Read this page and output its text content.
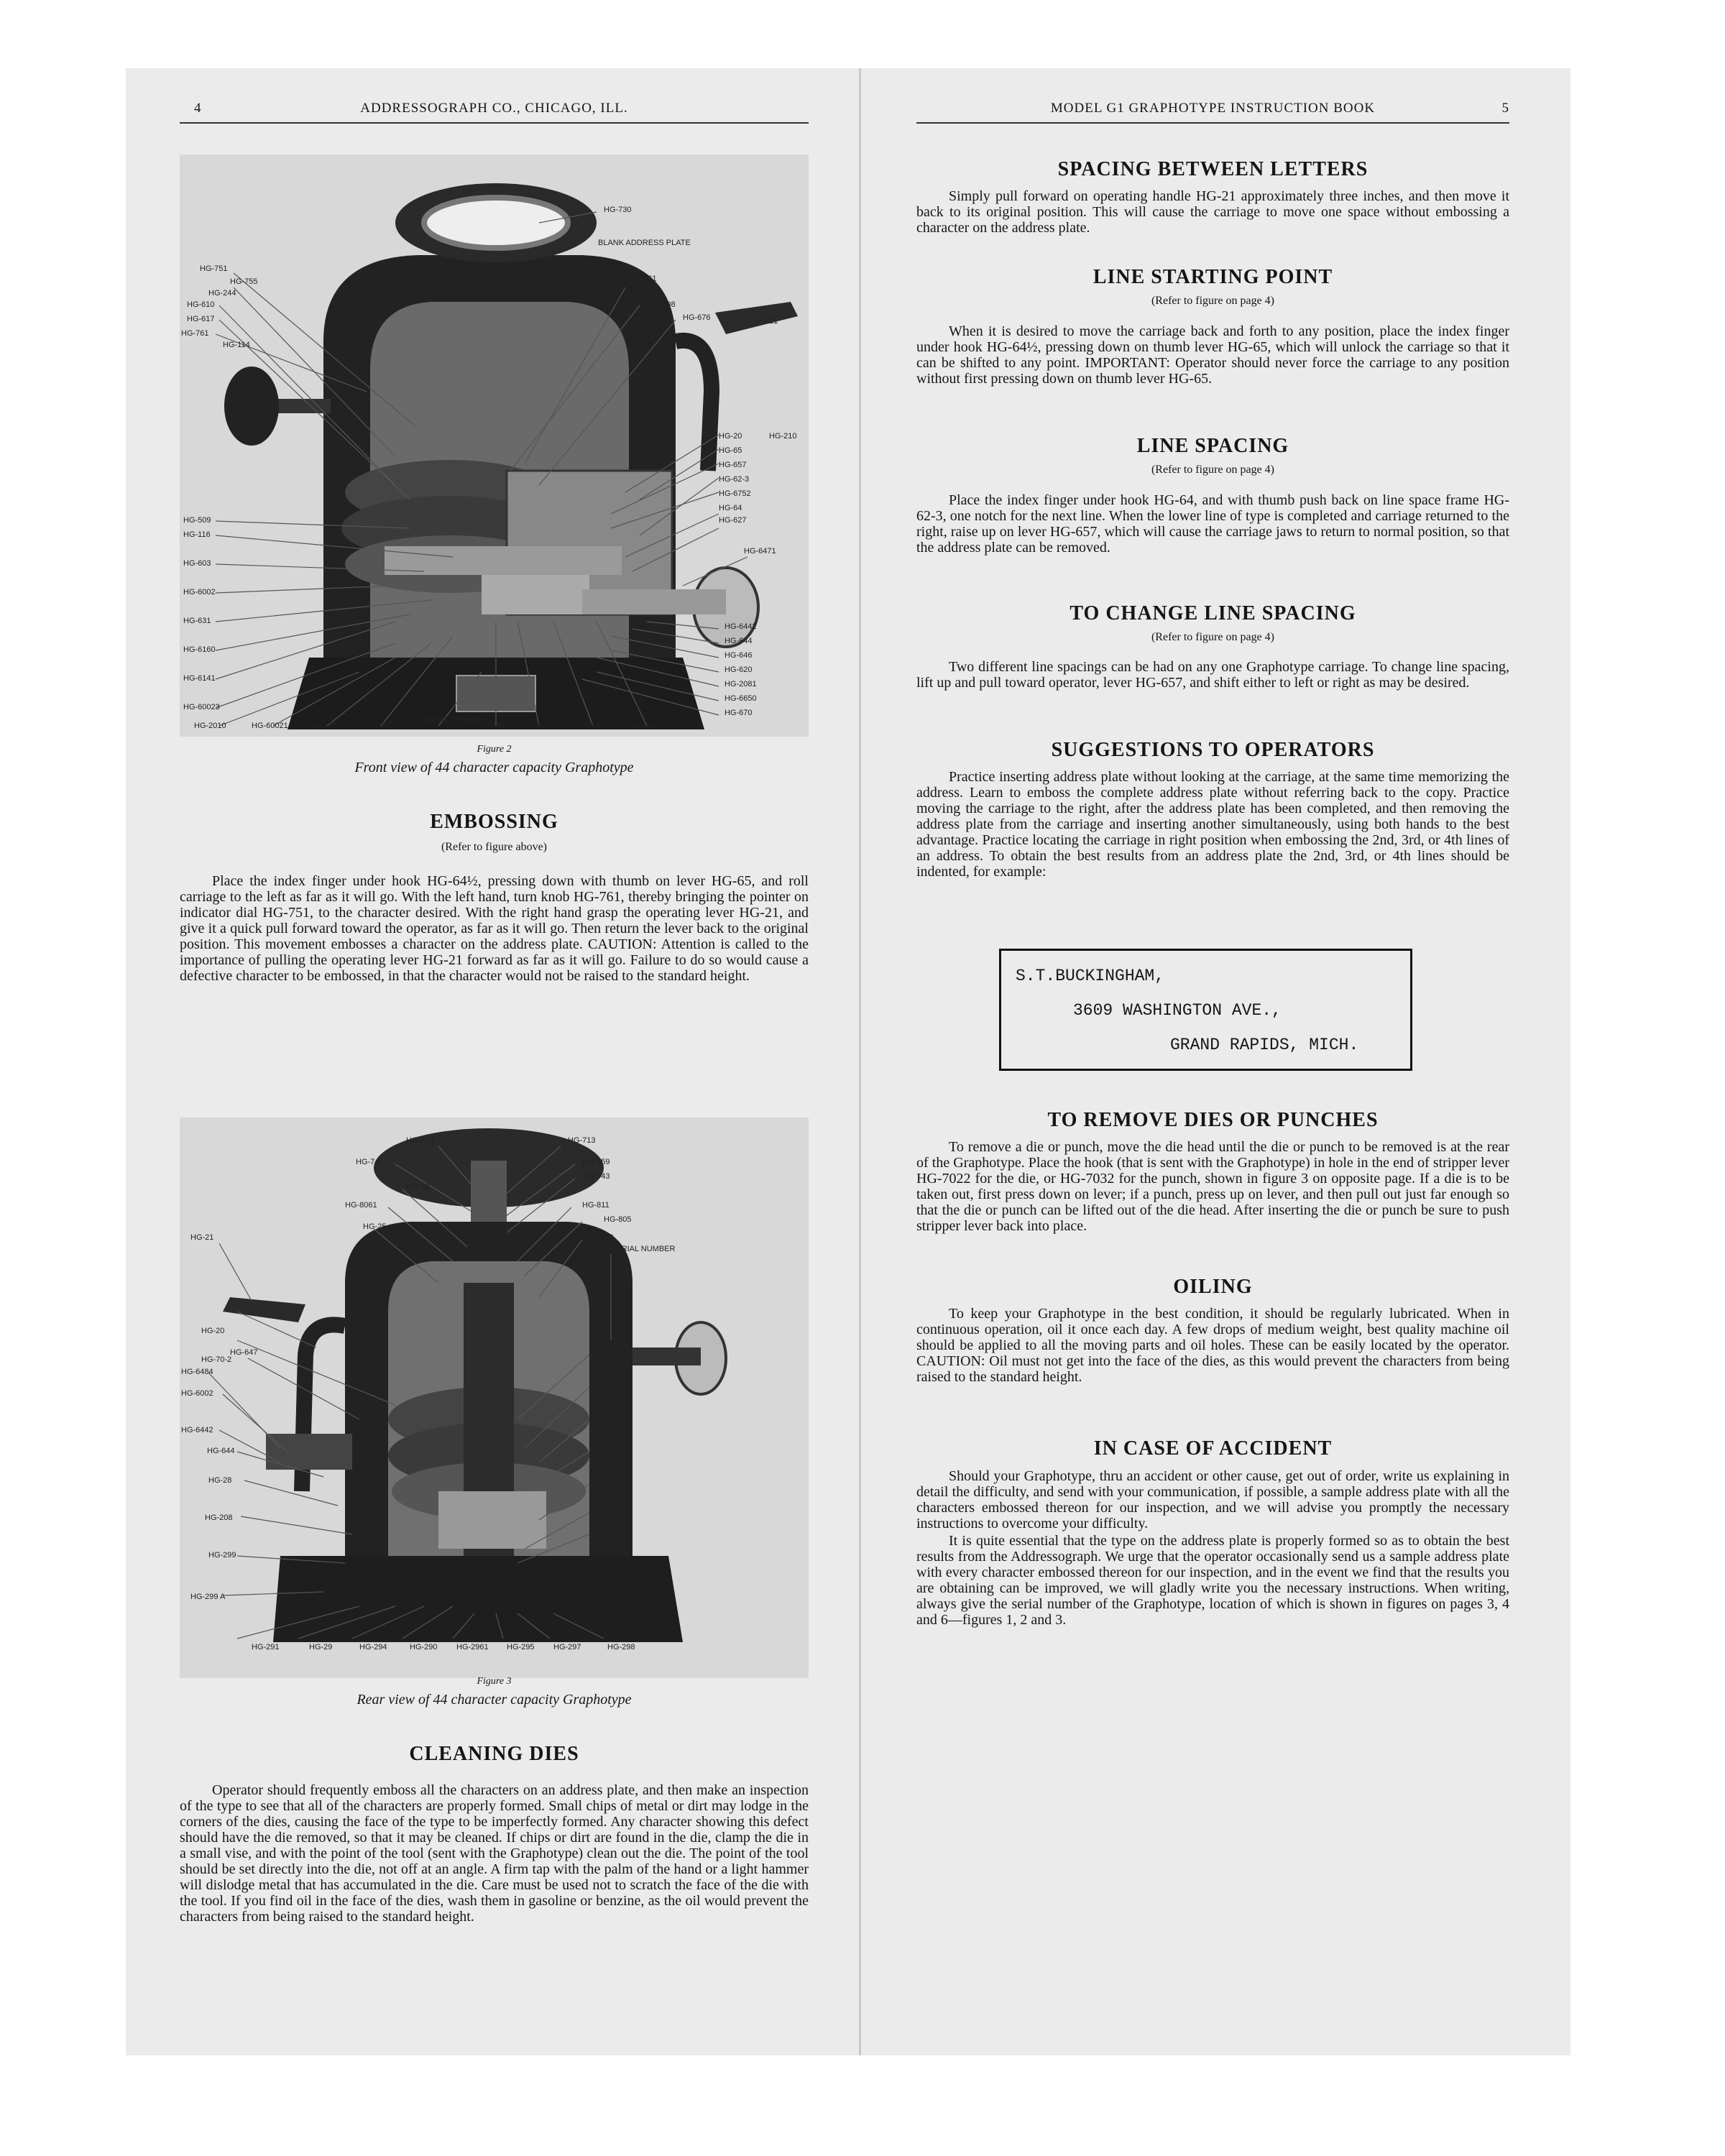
4	ADDRESSOGRAPH CO., CHICAGO, ILL.
HG-751
HG-730
HG-755
HG-244
HG-610
HG-617
HG-761
HG-114
BLANK ADDRESS PLATE
HG-661
HG-6256
HG-6298
HG-676	HG-21
HG-20	HG-210
HG-65
HG-657
HG-62-3
HG-6752
HG-64
HG-627
HG-6471
HG-509
HG-116
HG-603
HG-6002
HG-631
HG-6160
HG-6141
HG-60023
HG-6442
HG-644
HG-646
HG-620
HG-2081
HG-6650
HG-670
HG-2010	HG-60021	HG-228	HG-303
SERIAL NUMBER
HG-300	HG-301	HG-6251 HG-64½
Figure 2
Front view of 44 character capacity Graphotype
EMBOSSING
(Refer to figure above)

Place the index finger under hook HG-64½, pressing down with thumb on lever HG-65, and roll carriage to the left as far as it will go. With the left hand, turn knob HG-761, thereby bringing the pointer on indicator dial HG-751, to the character desired. With the right hand grasp the operating lever HG-21, and give it a quick pull forward toward the operator, as far as it will go. Then return the lever back to the original position. This movement embosses a character on the address plate. CAUTION: Attention is called to the importance of pulling the operating lever HG-21 forward as far as it will go. Failure to do so would cause a defective character to be embossed, in that the character would not be raised to the standard height.

HG-700	HG-713
HG-74	HG-759
HG-743
HG-82
HG-8061	HG-811
HG-805
HG-25
HG-760
HG-21
SERIAL NUMBER
HG-20
HG-70-2	HG-7022
HG-647
HG-6484
HG-247
HG-6002
HG-7032
HG-6442
HG-249
HG-644
HG-240
HG-28
HG-24
HG-11
HG-208
HG-299
HG-299 A
HG-291	HG-29	HG-294	HG-290 HG-2961 HG-295 HG-297	HG-298
Figure 3
Rear view of 44 character capacity Graphotype
CLEANING DIES

Operator should frequently emboss all the characters on an address plate, and then make an inspection of the type to see that all of the characters are properly formed. Small chips of metal or dirt may lodge in the corners of the dies, causing the face of the type to be imperfectly formed. Any character showing this defect should have the die removed, so that it may be cleaned. If chips or dirt are found in the die, clamp the die in a small vise, and with the point of the tool (sent with the Graphotype) clean out the die. The point of the tool should be set directly into the die, not off at an angle. A firm tap with the palm of the hand or a light hammer will dislodge metal that has accumulated in the die. Care must be used not to scratch the face of the die with the tool. If you find oil in the face of the dies, wash them in gasoline or benzine, as the oil would prevent the characters from being raised to the standard height.

MODEL G1 GRAPHOTYPE INSTRUCTION BOOK	5
SPACING BETWEEN LETTERS

Simply pull forward on operating handle HG-21 approximately three inches, and then move it back to its original position. This will cause the carriage to move one space without embossing a character on the address plate.

LINE STARTING POINT
(Refer to figure on page 4)

When it is desired to move the carriage back and forth to any position, place the index finger under hook HG-64½, pressing down on thumb lever HG-65, which will unlock the carriage so that it can be shifted to any point. IMPORTANT: Operator should never force the carriage to any position without first pressing down on thumb lever HG-65.

LINE SPACING
(Refer to figure on page 4)

Place the index finger under hook HG-64, and with thumb push back on line space frame HG-62-3, one notch for the next line. When the lower line of type is completed and carriage returned to the right, raise up on lever HG-657, which will cause the carriage jaws to return to normal position, so that the address plate can be removed.

TO CHANGE LINE SPACING
(Refer to figure on page 4)

Two different line spacings can be had on any one Graphotype carriage. To change line spacing, lift up and pull toward operator, lever HG-657, and shift either to left or right as may be desired.

SUGGESTIONS TO OPERATORS

Practice inserting address plate without looking at the carriage, at the same time memorizing the address. Learn to emboss the complete address plate without referring back to the copy. Practice moving the carriage to the right, after the address plate has been completed, and then removing the address plate from the carriage and inserting another simultaneously, using both hands to the best advantage. Practice locating the carriage in right position when embossing the 2nd, 3rd, or 4th lines of an address. To obtain the best results from an address plate the 2nd, 3rd, or 4th lines should be indented, for example:

S.T.BUCKINGHAM,
3609 WASHINGTON AVE.,
GRAND RAPIDS, MICH.
TO REMOVE DIES OR PUNCHES

To remove a die or punch, move the die head until the die or punch to be removed is at the rear of the Graphotype. Place the hook (that is sent with the Graphotype) in hole in the end of stripper lever HG-7022 for the die, or HG-7032 for the punch, shown in figure 3 on opposite page. If a die is to be taken out, first press down on lever; if a punch, press up on lever, and then pull out just far enough so that the die or punch can be lifted out of the die head. After inserting the die or punch be sure to push stripper lever back into place.

OILING

To keep your Graphotype in the best condition, it should be regularly lubricated. When in continuous operation, oil it once each day. A few drops of medium weight, best quality machine oil should be applied to all the moving parts and oil holes. These can be easily located by the operator. CAUTION: Oil must not get into the face of the dies, as this would prevent the characters from being raised to the standard height.

IN CASE OF ACCIDENT

Should your Graphotype, thru an accident or other cause, get out of order, write us explaining in detail the difficulty, and send with your communication, if possible, a sample address plate with all the characters embossed thereon for our inspection, and we will advise you promptly the necessary instructions to overcome your difficulty.

It is quite essential that the type on the address plate is properly formed so as to obtain the best results from the Addressograph. We urge that the operator occasionally send us a sample address plate with every character embossed thereon for our inspection, and in the event we find that the results you are obtaining can be improved, we will gladly write you the necessary instructions. When writing, always give the serial number of the Graphotype, location of which is shown in figures on pages 3, 4 and 6—figures 1, 2 and 3.
